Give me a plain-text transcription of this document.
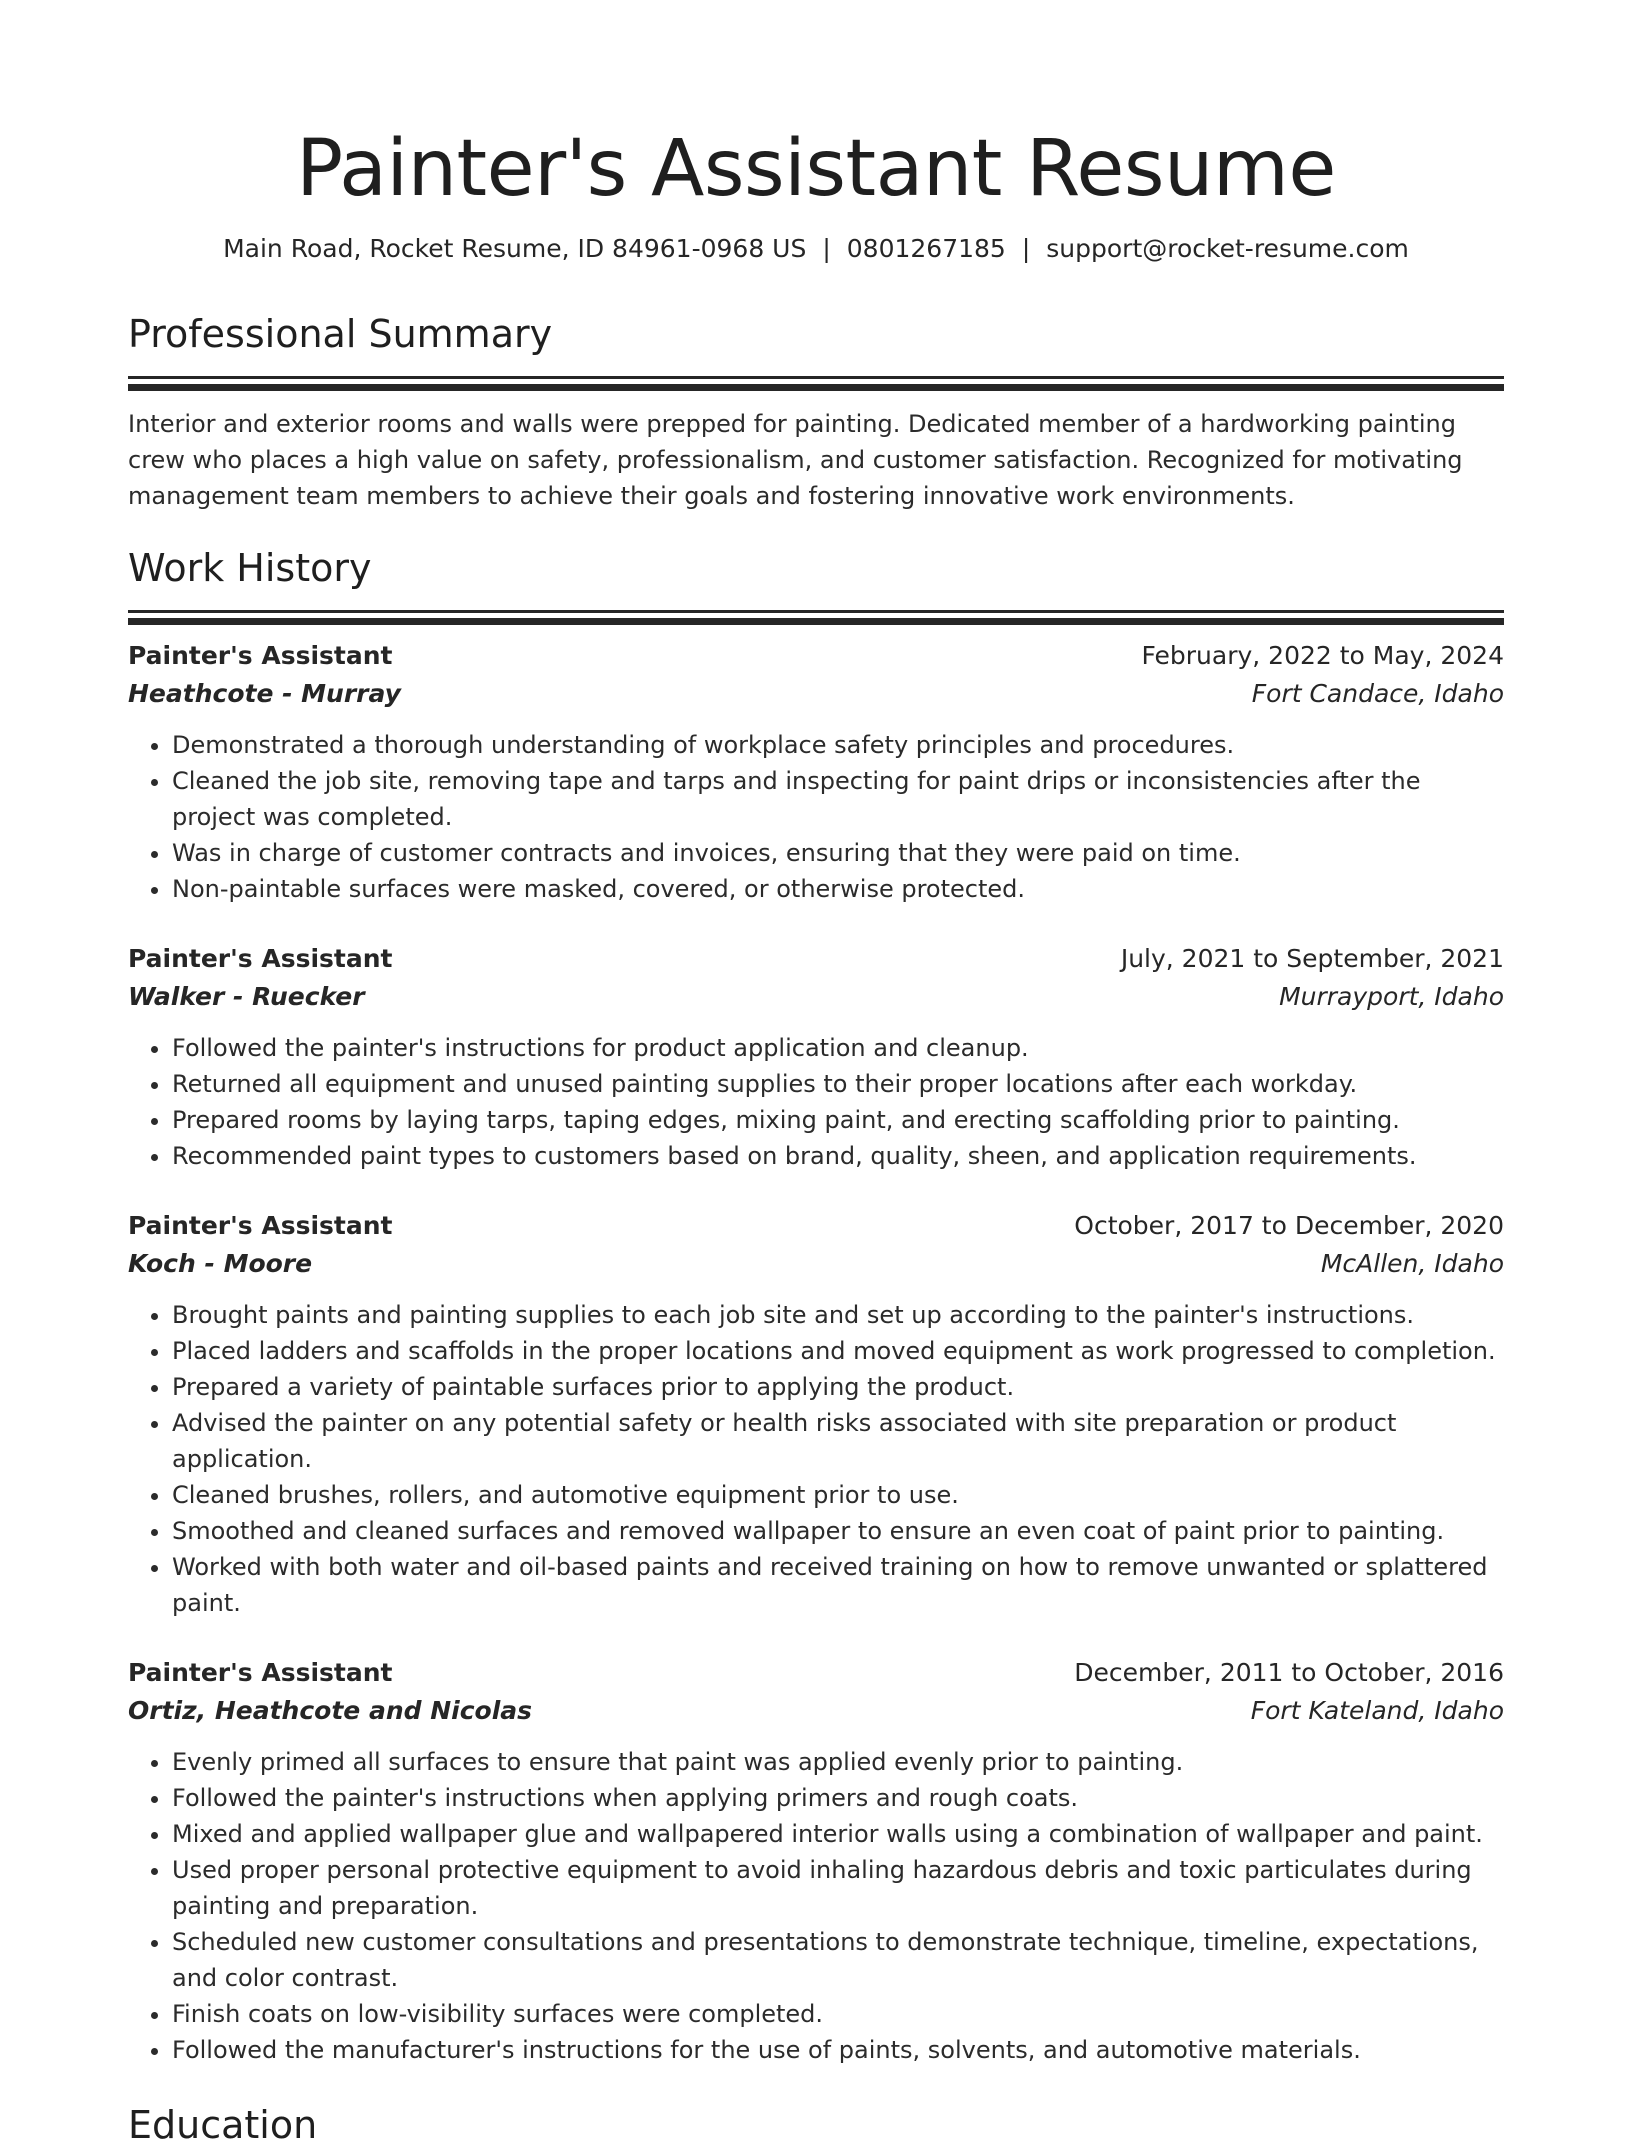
Painter's Assistant Resume
Main Road, Rocket Resume, ID 84961-0968 US | 0801267185 | support@rocket-resume.com
Professional Summary

Interior and exterior rooms and walls were prepped for painting. Dedicated member of a hardworking painting crew who places a high value on safety, professionalism, and customer satisfaction. Recognized for motivating management team members to achieve their goals and fostering innovative work environments.

Work History
Painter's Assistant	February, 2022 to May, 2024
Heathcote - Murray	Fort Candace, Idaho
• Demonstrated a thorough understanding of workplace safety principles and procedures.
• Cleaned the job site, removing tape and tarps and inspecting for paint drips or inconsistencies after the project was completed.
• Was in charge of customer contracts and invoices, ensuring that they were paid on time.
• Non-paintable surfaces were masked, covered, or otherwise protected.
Painter's Assistant	July, 2021 to September, 2021
Walker - Ruecker	Murrayport, Idaho
• Followed the painter's instructions for product application and cleanup.
• Returned all equipment and unused painting supplies to their proper locations after each workday.
• Prepared rooms by laying tarps, taping edges, mixing paint, and erecting scaffolding prior to painting.
• Recommended paint types to customers based on brand, quality, sheen, and application requirements.
Painter's Assistant	October, 2017 to December, 2020
Koch - Moore	McAllen, Idaho
• Brought paints and painting supplies to each job site and set up according to the painter's instructions.
• Placed ladders and scaffolds in the proper locations and moved equipment as work progressed to completion.
• Prepared a variety of paintable surfaces prior to applying the product.
• Advised the painter on any potential safety or health risks associated with site preparation or product application.
• Cleaned brushes, rollers, and automotive equipment prior to use.
• Smoothed and cleaned surfaces and removed wallpaper to ensure an even coat of paint prior to painting.
• Worked with both water and oil-based paints and received training on how to remove unwanted or splattered paint.
Painter's Assistant	December, 2011 to October, 2016
Ortiz, Heathcote and Nicolas	Fort Kateland, Idaho
• Evenly primed all surfaces to ensure that paint was applied evenly prior to painting.
• Followed the painter's instructions when applying primers and rough coats.
• Mixed and applied wallpaper glue and wallpapered interior walls using a combination of wallpaper and paint.
• Used proper personal protective equipment to avoid inhaling hazardous debris and toxic particulates during painting and preparation.
• Scheduled new customer consultations and presentations to demonstrate technique, timeline, expectations, and color contrast.
• Finish coats on low-visibility surfaces were completed.
• Followed the manufacturer's instructions for the use of paints, solvents, and automotive materials.
Education
